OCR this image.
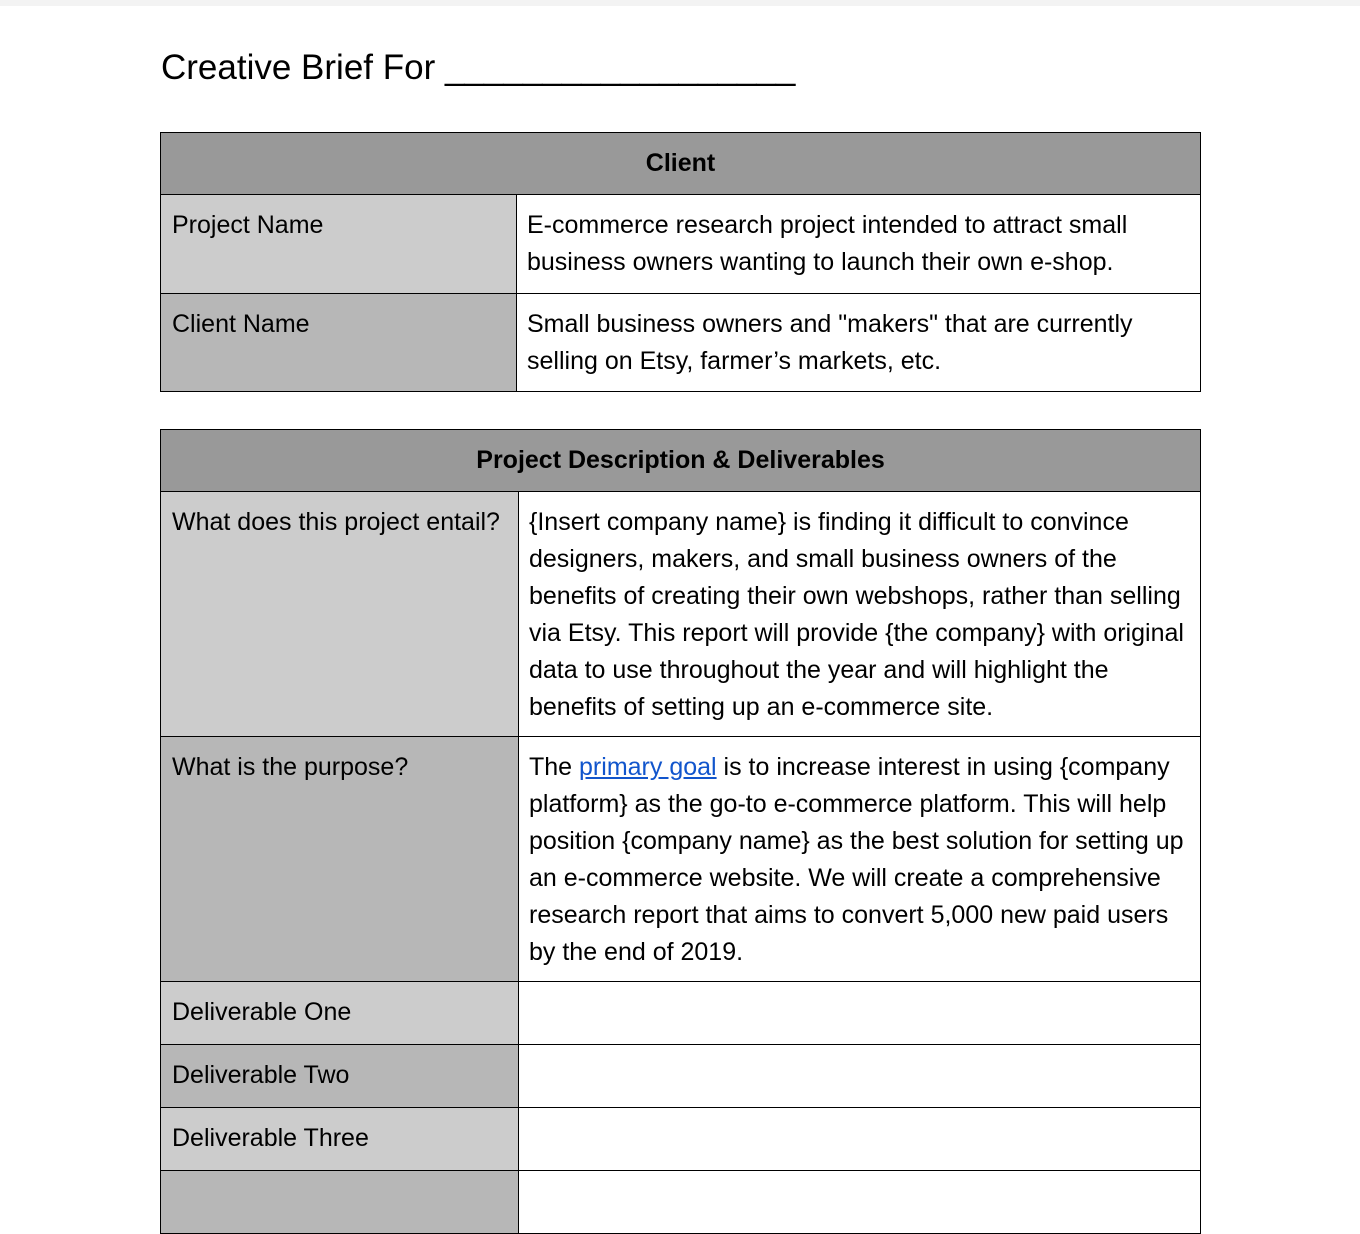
Creative Brief For __________________
Client	
Project Name	E-commerce research project intended to attract small business owners wanting to launch their own e-shop.
Client Name	Small business owners and "makers" that are currently selling on Etsy, farmer’s markets, etc.
Project Description & Deliverables	
What does this project entail?	{Insert company name} is finding it difficult to convince designers, makers, and small business owners of the benefits of creating their own webshops, rather than selling via Etsy. This report will provide {the company} with original data to use throughout the year and will highlight the benefits of setting up an e-commerce site.
What is the purpose?	The primary goal is to increase interest in using {company platform} as the go-to e-commerce platform. This will help position {company name} as the best solution for setting up an e-commerce website. We will create a comprehensive research report that aims to convert 5,000 new paid users by the end of 2019.
Deliverable One	
Deliverable Two	
Deliverable Three	
